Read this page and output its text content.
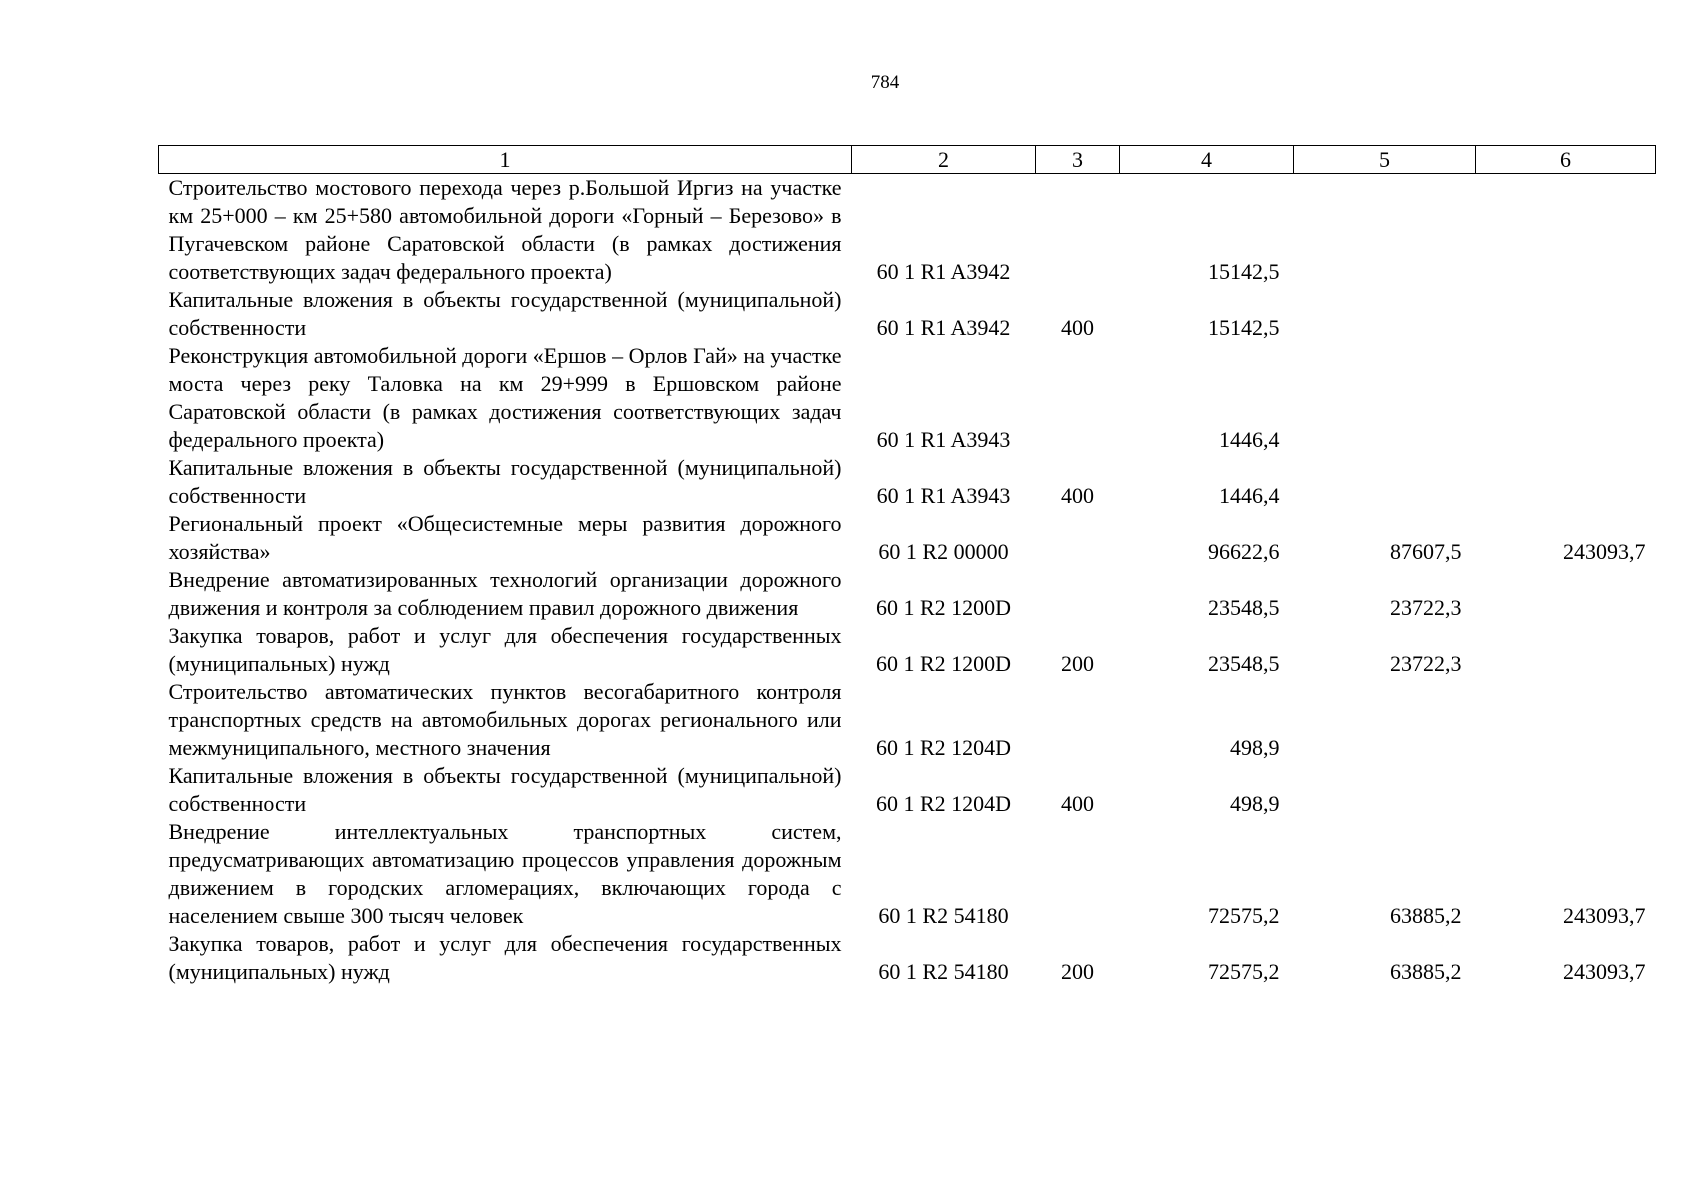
784
1	2	3	4	5	6
Строительство мостового перехода через р.Большой Иргиз на участке км 25+000 – км 25+580 автомобильной дороги «Горный – Березово» в Пугачевском районе Саратовской области (в рамках достижения соответствующих задач федерального проекта)	60 1 R1 A3942		15142,5		
Капитальные вложения в объекты государственной (муниципальной) собственности	60 1 R1 A3942	400	15142,5		
Реконструкция автомобильной дороги «Ершов – Орлов Гай» на участке моста через реку Таловка на км 29+999 в Ершовском районе Саратовской области (в рамках достижения соответствующих задач федерального проекта)	60 1 R1 A3943		1446,4		
Капитальные вложения в объекты государственной (муниципальной) собственности	60 1 R1 A3943	400	1446,4		
Региональный проект «Общесистемные меры развития дорожного хозяйства»	60 1 R2 00000		96622,6	87607,5	243093,7
Внедрение автоматизированных технологий организации дорожного движения и контроля за соблюдением правил дорожного движения	60 1 R2 1200D		23548,5	23722,3	
Закупка товаров, работ и услуг для обеспечения государственных (муниципальных) нужд	60 1 R2 1200D	200	23548,5	23722,3	
Строительство автоматических пунктов весогабаритного контроля транспортных средств на автомобильных дорогах регионального или межмуниципального, местного значения	60 1 R2 1204D		498,9		
Капитальные вложения в объекты государственной (муниципальной) собственности	60 1 R2 1204D	400	498,9		
Внедрение интеллектуальных транспортных систем, предусматривающих автоматизацию процессов управления дорожным движением в городских агломерациях, включающих города с населением свыше 300 тысяч человек	60 1 R2 54180		72575,2	63885,2	243093,7
Закупка товаров, работ и услуг для обеспечения государственных (муниципальных) нужд	60 1 R2 54180	200	72575,2	63885,2	243093,7
